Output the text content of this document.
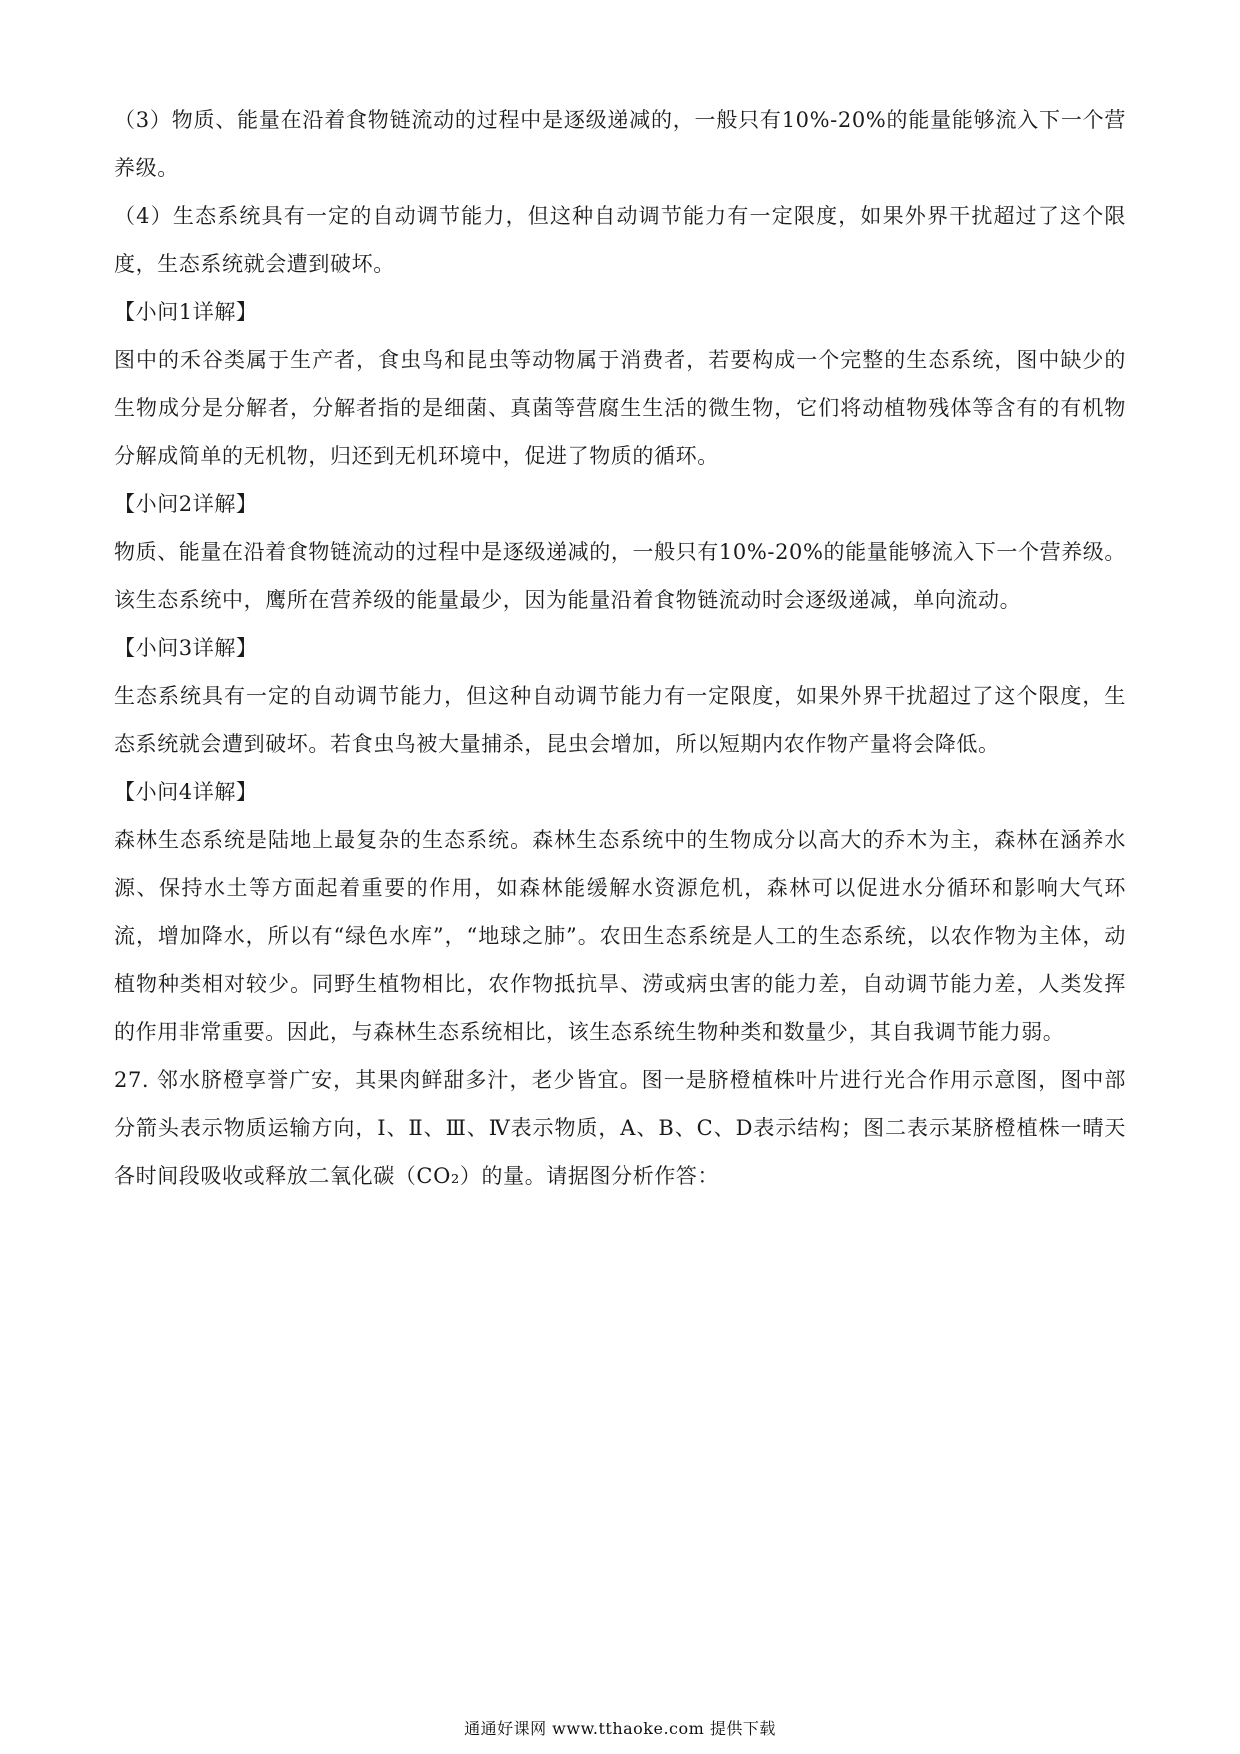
（3）物质、能量在沿着食物链流动的过程中是逐级递减的，一般只有10%-20%的能量能够流入下一个营养级。

（4）生态系统具有一定的自动调节能力，但这种自动调节能力有一定限度，如果外界干扰超过了这个限度，生态系统就会遭到破坏。

【小问1详解】

图中的禾谷类属于生产者，食虫鸟和昆虫等动物属于消费者，若要构成一个完整的生态系统，图中缺少的生物成分是分解者，分解者指的是细菌、真菌等营腐生生活的微生物，它们将动植物残体等含有的有机物分解成简单的无机物，归还到无机环境中，促进了物质的循环。

【小问2详解】

物质、能量在沿着食物链流动的过程中是逐级递减的，一般只有10%-20%的能量能够流入下一个营养级。该生态系统中，鹰所在营养级的能量最少，因为能量沿着食物链流动时会逐级递减，单向流动。

【小问3详解】

生态系统具有一定的自动调节能力，但这种自动调节能力有一定限度，如果外界干扰超过了这个限度，生态系统就会遭到破坏。若食虫鸟被大量捕杀，昆虫会增加，所以短期内农作物产量将会降低。

【小问4详解】

森林生态系统是陆地上最复杂的生态系统。森林生态系统中的生物成分以高大的乔木为主，森林在涵养水源、保持水土等方面起着重要的作用，如森林能缓解水资源危机，森林可以促进水分循环和影响大气环流，增加降水，所以有“绿色水库”，“地球之肺”。农田生态系统是人工的生态系统，以农作物为主体，动植物种类相对较少。同野生植物相比，农作物抵抗旱、涝或病虫害的能力差，自动调节能力差，人类发挥的作用非常重要。因此，与森林生态系统相比，该生态系统生物种类和数量少，其自我调节能力弱。

27. 邻水脐橙享誉广安，其果肉鲜甜多汁，老少皆宜。图一是脐橙植株叶片进行光合作用示意图，图中部分箭头表示物质运输方向，Ⅰ、Ⅱ、Ⅲ、Ⅳ表示物质，A、B、C、D表示结构；图二表示某脐橙植株一晴天各时间段吸收或释放二氧化碳（CO₂）的量。请据图分析作答：

通通好课网 www.tthaoke.com 提供下载
